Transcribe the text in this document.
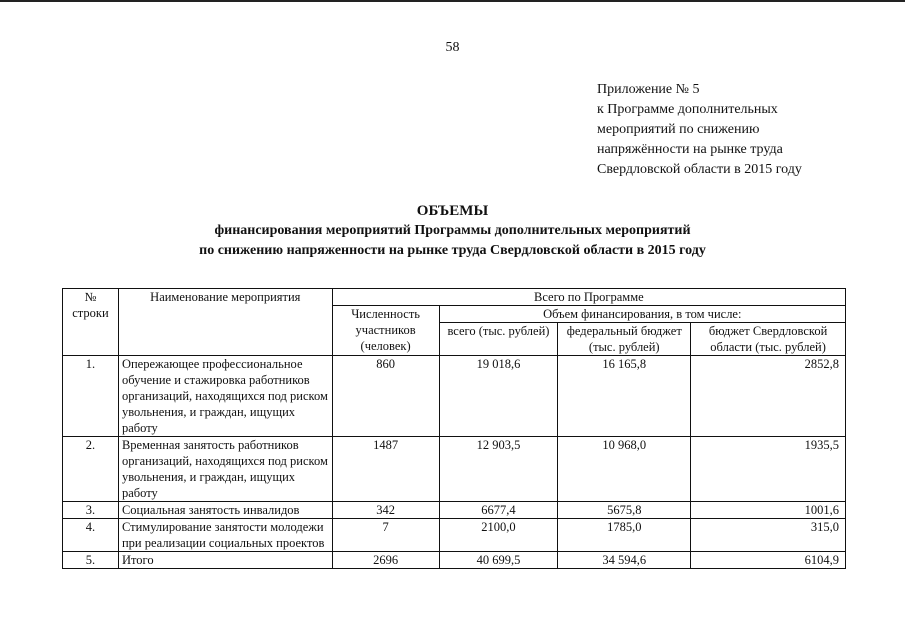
58
Приложение № 5
к Программе дополнительных
мероприятий по снижению
напряжённости на рынке труда
Свердловской области в 2015 году
ОБЪЕМЫ
финансирования мероприятий Программы дополнительных мероприятий
по снижению напряженности на рынке труда Свердловской области в 2015 году
№ строки	Наименование мероприятия	Всего по Программе			
		Численность участников (человек)	Объем финансирования, в том числе:		
			всего (тыс. рублей)	федеральный бюджет (тыс. рублей)	бюджет Свердловской области (тыс. рублей)
1.	Опережающее профессиональное обучение и стажировка работников организаций, находящихся под риском увольнения, и граждан, ищущих работу	860	19 018,6	16 165,8	2852,8
2.	Временная занятость работников организаций, находящихся под риском увольнения, и граждан, ищущих работу	1487	12 903,5	10 968,0	1935,5
3.	Социальная занятость инвалидов	342	6677,4	5675,8	1001,6
4.	Стимулирование занятости молодежи при реализации социальных проектов	7	2100,0	1785,0	315,0
5.	Итого	2696	40 699,5	34 594,6	6104,9
